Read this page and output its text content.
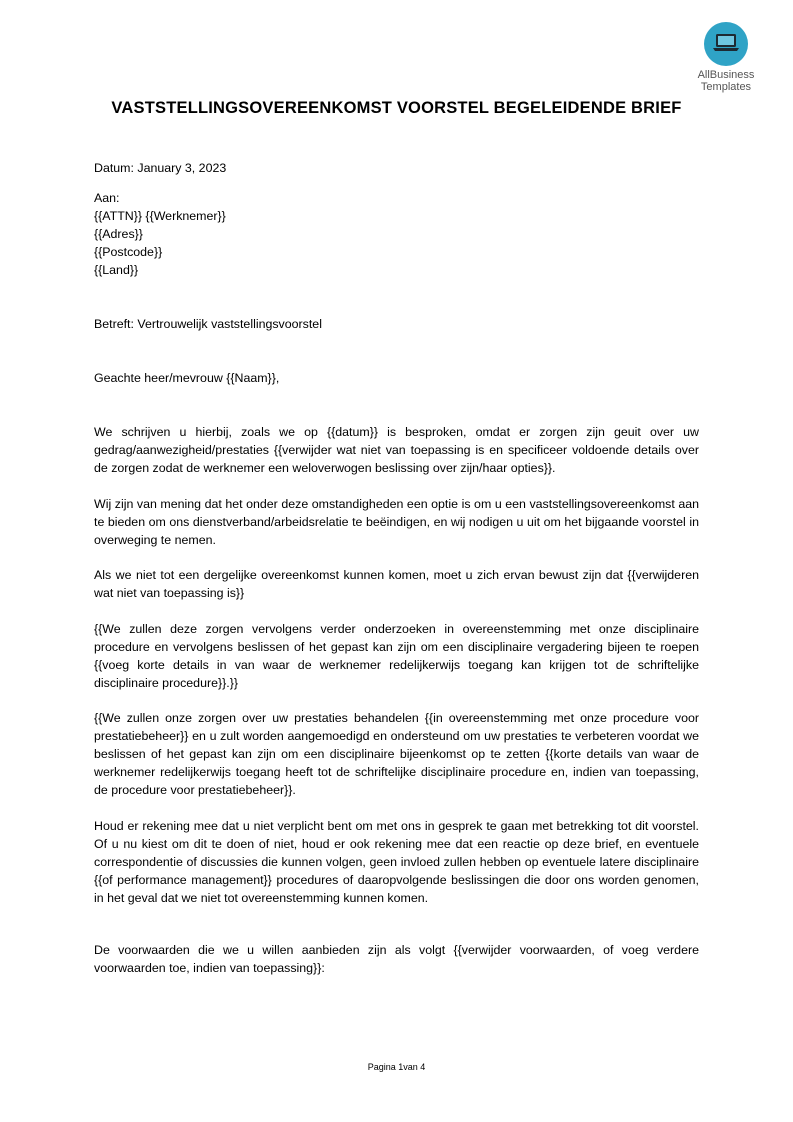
AllBusiness
Templates
VASTSTELLINGSOVEREENKOMST VOORSTEL BEGELEIDENDE BRIEF
Datum: January 3, 2023
Aan:
{{ATTN}} {{Werknemer}}
{{Adres}}
{{Postcode}}
{{Land}}
Betreft: Vertrouwelijk vaststellingsvoorstel
Geachte heer/mevrouw {{Naam}},
We schrijven u hierbij, zoals we op {{datum}} is besproken, omdat er zorgen zijn geuit over uw gedrag/aanwezigheid/prestaties {{verwijder wat niet van toepassing is en specificeer voldoende details over de zorgen zodat de werknemer een weloverwogen beslissing over zijn/haar opties}}.
Wij zijn van mening dat het onder deze omstandigheden een optie is om u een vaststellingsovereenkomst aan te bieden om ons dienstverband/arbeidsrelatie te beëindigen, en wij nodigen u uit om het bijgaande voorstel in overweging te nemen.
Als we niet tot een dergelijke overeenkomst kunnen komen, moet u zich ervan bewust zijn dat {{verwijderen wat niet van toepassing is}}
{{We zullen deze zorgen vervolgens verder onderzoeken in overeenstemming met onze disciplinaire procedure en vervolgens beslissen of het gepast kan zijn om een disciplinaire vergadering bijeen te roepen {{voeg korte details in van waar de werknemer redelijkerwijs toegang kan krijgen tot de schriftelijke disciplinaire procedure}}.}}
{{We zullen onze zorgen over uw prestaties behandelen {{in overeenstemming met onze procedure voor prestatiebeheer}} en u zult worden aangemoedigd en ondersteund om uw prestaties te verbeteren voordat we beslissen of het gepast kan zijn om een disciplinaire bijeenkomst op te zetten {{korte details van waar de werknemer redelijkerwijs toegang heeft tot de schriftelijke disciplinaire procedure en, indien van toepassing, de procedure voor prestatiebeheer}}.
Houd er rekening mee dat u niet verplicht bent om met ons in gesprek te gaan met betrekking tot dit voorstel. Of u nu kiest om dit te doen of niet, houd er ook rekening mee dat een reactie op deze brief, en eventuele correspondentie of discussies die kunnen volgen, geen invloed zullen hebben op eventuele latere disciplinaire {{of performance management}} procedures of daaropvolgende beslissingen die door ons worden genomen, in het geval dat we niet tot overeenstemming kunnen komen.
De voorwaarden die we u willen aanbieden zijn als volgt {{verwijder voorwaarden, of voeg verdere voorwaarden toe, indien van toepassing}}:
Pagina 1van 4
